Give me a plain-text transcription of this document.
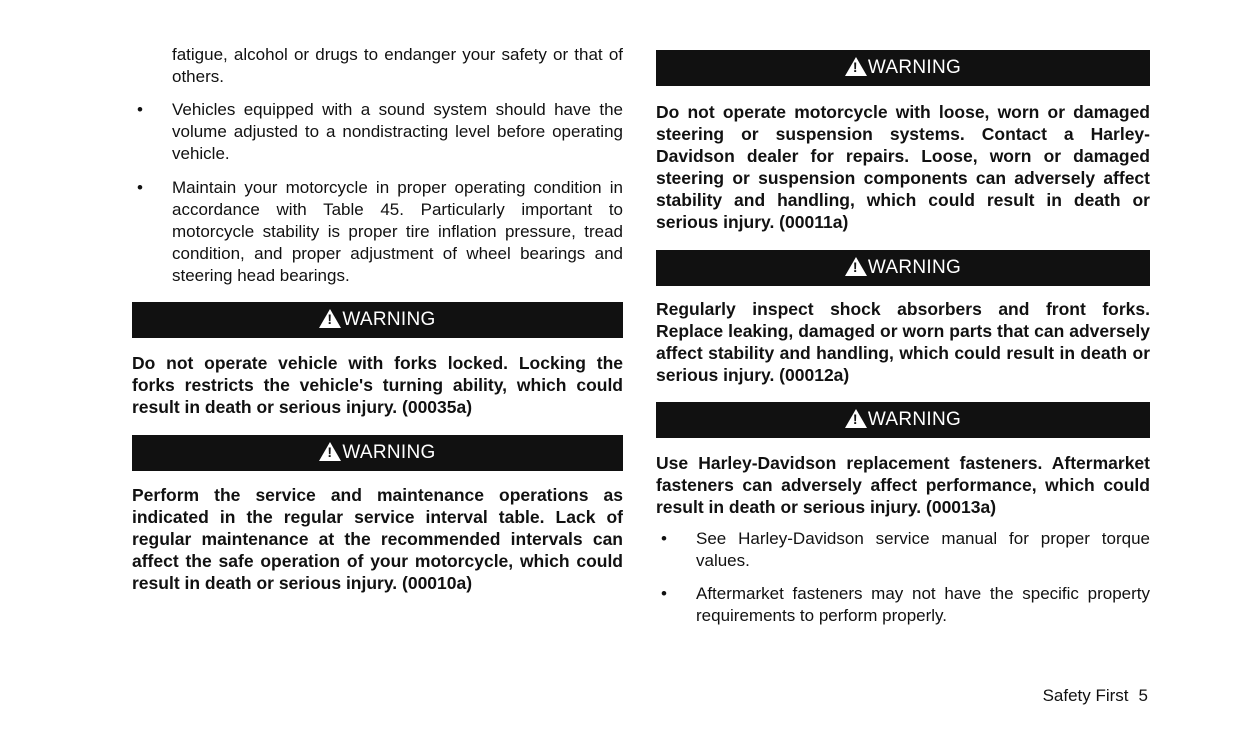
fatigue, alcohol or drugs to endanger your safety or that of others.
•	Vehicles equipped with a sound system should have the volume adjusted to a nondistracting level before operating vehicle.
•	Maintain your motorcycle in proper operating condition in accordance with Table 45. Particularly important to motorcycle stability is proper tire inflation pressure, tread condition, and proper adjustment of wheel bearings and steering head bearings.
!
WARNING
Do not operate vehicle with forks locked. Locking the forks restricts the vehicle's turning ability, which could result in death or serious injury. (00035a)
!
WARNING
Perform the service and maintenance operations as indicated in the regular service interval table. Lack of regular maintenance at the recommended intervals can affect the safe operation of your motorcycle, which could result in death or serious injury. (00010a)
!
WARNING
Do not operate motorcycle with loose, worn or damaged steering or suspension systems. Contact a Harley-Davidson dealer for repairs. Loose, worn or damaged steering or suspension components can adversely affect stability and handling, which could result in death or serious injury. (00011a)
!
WARNING
Regularly inspect shock absorbers and front forks. Replace leaking, damaged or worn parts that can adversely affect stability and handling, which could result in death or serious injury. (00012a)
!
WARNING
Use Harley-Davidson replacement fasteners. Aftermarket fasteners can adversely affect performance, which could result in death or serious injury. (00013a)
•	See Harley-Davidson service manual for proper torque values.
•	Aftermarket fasteners may not have the specific property requirements to perform properly.
Safety First 5
